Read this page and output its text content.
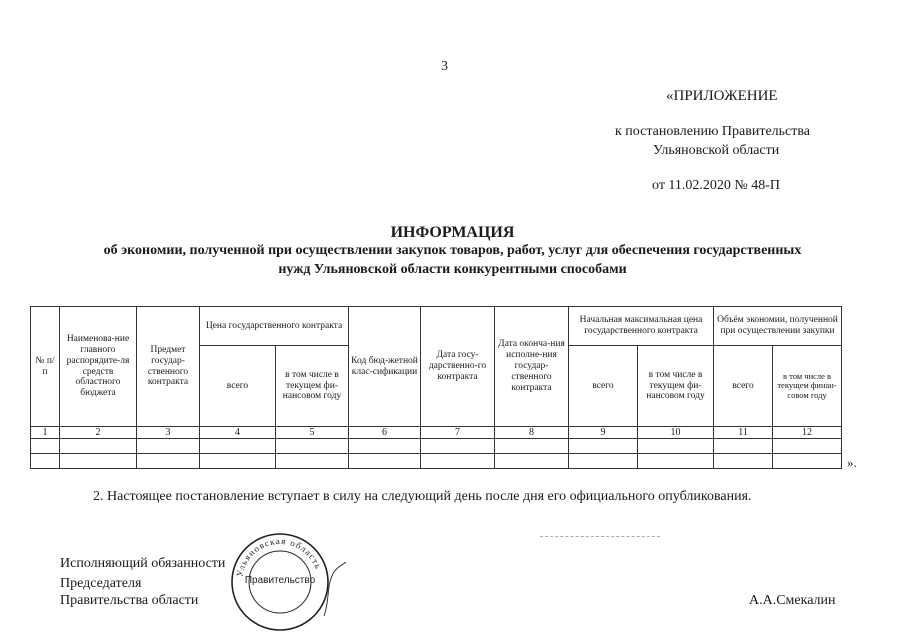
3
«ПРИЛОЖЕНИЕ
к постановлению Правительства
Ульяновской области
от 11.02.2020 № 48-П
ИНФОРМАЦИЯ
об экономии, полученной при осуществлении закупок товаров, работ, услуг для обеспечения государственных
нужд Ульяновской области конкурентными способами
№ п/п	Наименова-ние главного распорядите-ля средств областного бюджета	Предмет государ-ственного контракта	Цена государственного контракта		Код бюд-жетной клас-сификации	Дата госу-дарственно-го контракта	Дата оконча-ния исполне-ния государ-ственного контракта	Начальная максимальная цена государственного контракта		Объём экономии, полученной при осуществлении закупки	
			всего	в том числе в текущем фи-нансовом году				всего	в том числе в текущем фи-нансовом году	всего	в том числе в текущем финан-совом году
1	2	3	4	5	6	7	8	9	10	11	12

».
2. Настоящее постановление вступает в силу на следующий день после дня его официального опубликования.
Исполняющий обязанности
Председателя
Правительства области	А.А.Смекалин
Ульяновская область
Правительство
